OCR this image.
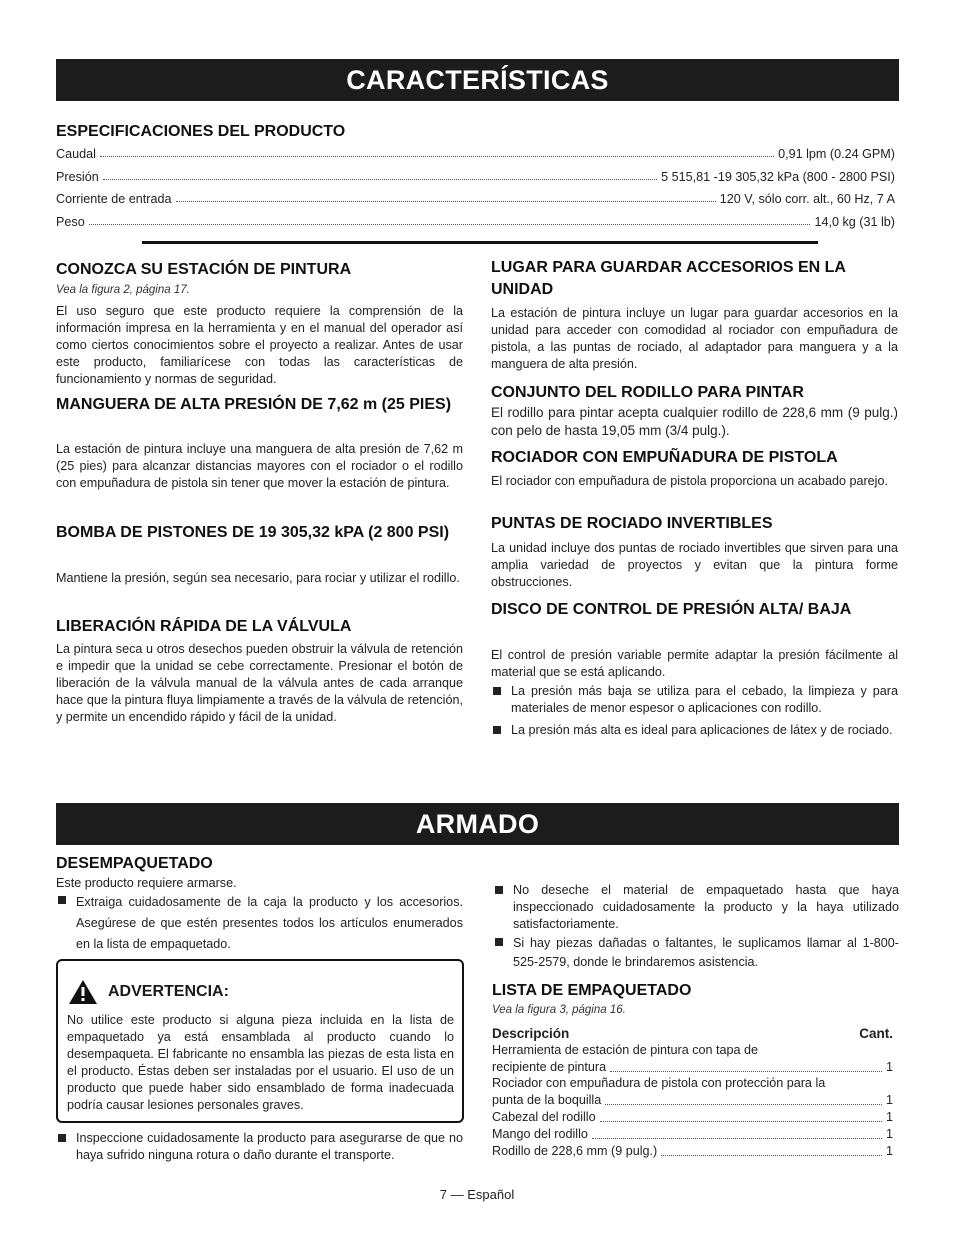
CARACTERÍSTICAS
ESPECIFICACIONES DEL PRODUCTO
Caudal	0,91 lpm (0.24 GPM)
Presión	5 515,81 -19 305,32 kPa (800 - 2800 PSI)
Corriente de entrada	120 V, sólo corr. alt., 60 Hz, 7 A
Peso	14,0 kg (31 lb)
CONOZCA SU ESTACIÓN DE PINTURA

Vea la figura 2, página 17.

El uso seguro que este producto requiere la comprensión de la información impresa en la herramienta y en el manual del operador así como ciertos conocimientos sobre el proyecto a realizar. Antes de usar este producto, familiarícese con todas las características de funcionamiento y normas de seguridad.

MANGUERA DE ALTA PRESIÓN DE 7,62 m (25 PIES)

La estación de pintura incluye una manguera de alta presión de 7,62 m (25 pies) para alcanzar distancias mayores con el rociador o el rodillo con empuñadura de pistola sin tener que mover la estación de pintura.

BOMBA DE PISTONES DE 19 305,32 kPA (2 800 PSI)

Mantiene la presión, según sea necesario, para rociar y utilizar el rodillo.

LIBERACIÓN RÁPIDA DE LA VÁLVULA

La pintura seca u otros desechos pueden obstruir la válvula de retención e impedir que la unidad se cebe correctamente. Presionar el botón de liberación de la válvula manual de la válvula antes de cada arranque hace que la pintura fluya limpiamente a través de la válvula de retención, y permite un encendido rápido y fácil de la unidad.

LUGAR PARA GUARDAR ACCESORIOS EN LA UNIDAD

La estación de pintura incluye un lugar para guardar accesorios en la unidad para acceder con comodidad al rociador con empuñadura de pistola, a las puntas de rociado, al adaptador para manguera y a la manguera de alta presión.

CONJUNTO DEL RODILLO PARA PINTAR

El rodillo para pintar acepta cualquier rodillo de 228,6 mm (9 pulg.) con pelo de hasta 19,05 mm (3/4 pulg.).

ROCIADOR CON EMPUÑADURA DE PISTOLA

El rociador con empuñadura de pistola proporciona un acabado parejo.

PUNTAS DE ROCIADO INVERTIBLES

La unidad incluye dos puntas de rociado invertibles que sirven para una amplia variedad de proyectos y evitan que la pintura forme obstrucciones.

DISCO DE CONTROL DE PRESIÓN ALTA/ BAJA

El control de presión variable permite adaptar la presión fácilmente al material que se está aplicando.

La presión más baja se utiliza para el cebado, la limpieza y para materiales de menor espesor o aplicaciones con rodillo.
La presión más alta es ideal para aplicaciones de látex y de rociado.
ARMADO
DESEMPAQUETADO

Este producto requiere armarse.

Extraiga cuidadosamente de la caja la producto y los accesorios. Asegúrese de que estén presentes todos los artículos enumerados en la lista de empaquetado.
ADVERTENCIA:

No utilice este producto si alguna pieza incluida en la lista de empaquetado ya está ensamblada al producto cuando lo desempaqueta. El fabricante no ensambla las piezas de esta lista en el producto. Éstas deben ser instaladas por el usuario. El uso de un producto que puede haber sido ensamblado de forma inadecuada podría causar lesiones personales graves.

Inspeccione cuidadosamente la producto para asegurarse de que no haya sufrido ninguna rotura o daño durante el transporte.
No deseche el material de empaquetado hasta que haya inspeccionado cuidadosamente la producto y la haya utilizado satisfactoriamente.
Si hay piezas dañadas o faltantes, le suplicamos llamar al 1-800-525-2579, donde le brindaremos asistencia.
LISTA DE EMPAQUETADO

Vea la figura 3, página 16.

Descripción	Cant.
Herramienta de estación de pintura con tapa de
recipiente de pintura	1
Rociador con empuñadura de pistola con protección para la
punta de la boquilla	1
Cabezal del rodillo	1
Mango del rodillo	1
Rodillo de 228,6 mm (9 pulg.)	1
7 — Español
